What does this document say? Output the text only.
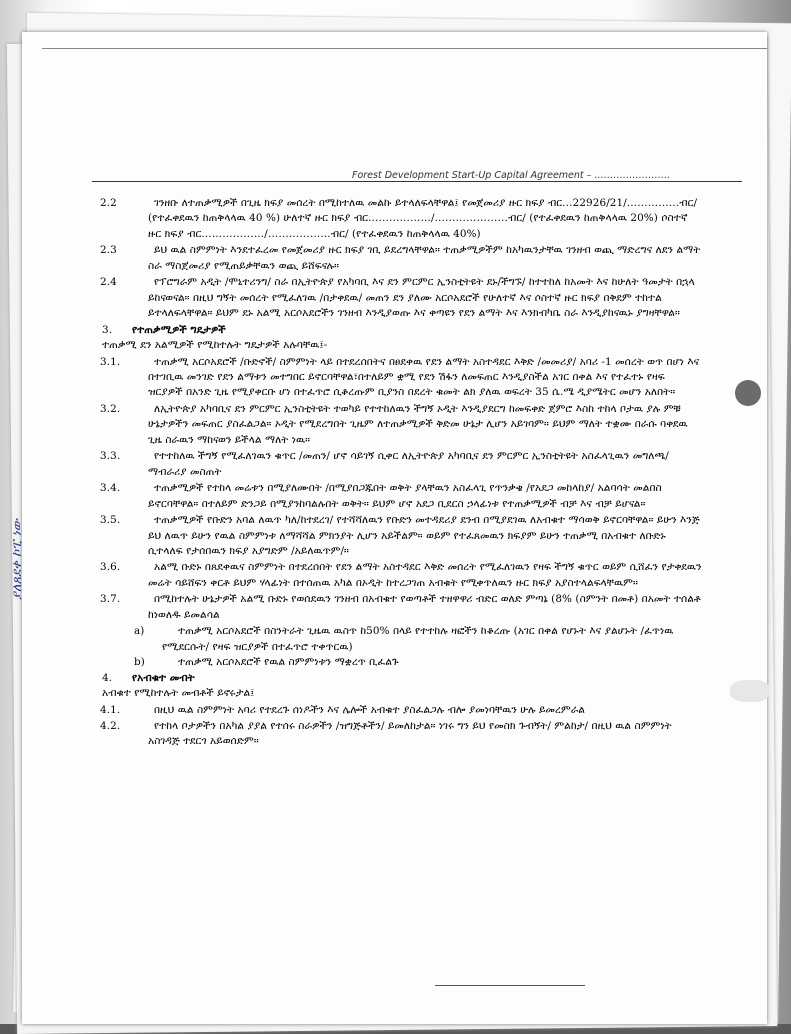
Forest Development Start-Up Capital Agreement – ……………………
ያለጸደቀ ኮፒ ነው

2.2	ገንዘቡ ለተጠቃሚዎች በጊዜ ክፍያ መሰረት በሚከተለዉ መልኩ ይተላለፍላቸዋል፤ የመጀመሪያ ዙር ክፍያ ብር…22926/21/……………ብር/ (የተፈቀደዉን ከጠቅላላዉ 40 %) ሁለተኛ ዙር ክፍያ ብር………………/…………………ብር/ (የተፈቀደዉን ከጠቅላላዉ 20%) ሶስተኛ ዙር ክፍያ ብር………………/………………ብር/ (የተፈቀደዉን ከጠቅላላዉ 40%)

2.3	ይህ ዉል ስምምነት እንደተፈረመ የመጀመሪያ ዙር ክፍያ ገቢ ይደረግላቸዋል። ተጠቃሚዎችም ከአካዉንታቸዉ ገንዘብ ወጪ ማድረግና ለደን ልማት ስራ ማስጀመሪያ የሚጠይቃቸዉን ወጪ ይሸፍናሉ።

2.4	የፕሮግራም አዲት /ሞኒተሪንግ/ ስራ በኢትዮጵያ የአካባቢ እና ደን ምርምር ኢንስቲትዩት ደኑ/ችግኙ/ ከተተከለ ከአመት እና ከሁለት ዓመታት በኋላ ይከናወናል። በዚህ ግኝት መሰረት የሚፈለገዉ /በታቀደዉ/ መጠን ደን ያለሙ አርሶአደሮች የሁለተኛ እና ሶስተኛ ዙር ክፍያ በቅደም ተከተል ይተላለፍላቸዋል። ይህም ደኑ አልሚ አርሶአደሮችን ገንዘብ እንዲያወጡ እና ቀጣዩን የደን ልማት እና እንክብካቤ ስራ እንዲያከናዉኑ ያግዛቸዋል።

3. የተጠቃሚዎች ግዴታዎች

ተጠቃሚ ደን አልሚዎች የሚከተሉት ግዴታዎች አሉባቸዉ፤-

3.1.	ተጠቃሚ አርሶአደሮች /ቡድኖች/ ስምምነት ላይ በተደረሰበትና በፀደቀዉ የደን ልማት አስተዳደር እቅድ /መመሪያ/ አባሪ -1 መሰረት ወጥ በሆነ እና በተገቢዉ መንገድ የደን ልማቱን መተግበር ይኖርባቸዋል፣በተለይም ቋሚ የደን ሽፋን ለመፍጠር እንዲያስችል አገር በቀል እና የተፈተኑ የዛፍ ዝርያዎች በአንድ ጊዜ የሚያቀርቡ ሆነ በተፈጥሮ ሲቆረጡም ቢያንስ በደረት ቁመት ልክ ያለዉ ወፍረት 35 ሴ.ሜ ዲያሜትር መሆን አለበት።

3.2.	ለኢትዮጵያ አካባቢና ደን ምርምር ኢንስቲትዩት ተወካይ የተተከለዉን ችግኝ ኦዲት እንዲያደርግ ከመፍቀድ ጀምሮ እስከ ተከላ ቦታዉ ያሉ ምቹ ሁኔታዎችን መፍጠር ያስፈልጋል። ኦዲት የሚደረግበት ጊዜም ለተጠቃሚዎች ቅድመ ሁኔታ ሊሆን አይገባም። ይህም ማለት ተቋሙ በራሱ ባቀደዉ ጊዜ ስራዉን ማከናወን ይችላል ማለት ነዉ።

3.3.	የተተከለዉ ችግኝ የሚፈለገዉን ቁጥር /መጠን/ ሆኖ ሳይገኝ ሲቀር ለኢትዮጵያ አካባቢና ደን ምርምር ኢንስቲትዩት አስፈላጊዉን መግለጫ/ማብራሪያ መስጠት

3.4.	ተጠቃሚዎች የተከላ መሬቱን በሚያለሙበት /በሚያበጋጁበት ወቅት ያላቸዉን አስፈላጊ የጥንቃቄ /የአደጋ መከላከያ/ አልባሳት መልበስ ይኖርባቸዋል። በተለይም ድንጋይ በሚያንከባልሉበት ወቅት። ይህም ሆኖ አደጋ ቢደርስ ኃላፊነቱ የተጠቃሚዎች ብቻ እና ብቻ ይሆናል።

3.5.	ተጠቃሚዎች የቡድን አባል ለዉጥ ካለ/ከተደረገ/ የተሻሻለዉን የቡድን መተዳደሪያ ደንብ በሚያደገዉ ለአብቁተ ማሳወቅ ይኖርባቸዋል። ይሁን እንጅ ይህ ለዉጥ ይሁን የዉል ስምምነቱ ለማሻሻል ምክንያት ሊሆን አይችልም። ወይም የተፈጸመዉን ክፍያም ይሁን ተጠቃሚ በአብቁተ ለቡድኑ ሲተላለፍ የታሰበዉን ክፍያ አያግድም /አይለዉጥም/።

3.6.	አልሚ ቡድኑ በጸደቀዉና ስምምነት በተደረሰበት የደን ልማት አስተዳደር እቅድ መሰረት የሚፈለገዉን የዛፍ ችግኝ ቁጥር ወይም ሲሸፈን የታቀደዉን መሬት ሳይሸፍን ቀርቶ ይህም ሃላፊነት በተሰጠዉ አካል በኦዲት ከተረጋገጠ አብቁት የሚቀጥለዉን ዙር ክፍያ አያስተላልፍላቸዉም።

3.7.	በሚከተሉት ሁኔታዎች አልሚ ቡድኑ የወሰደዉን ገንዘብ በአብቁተ የወጣቶች ተዘዋዋሪ ብድር ወለድ ምጣኔ (8% (ስምንት በመቶ) በአመት ተሰልቶ ከነወለዱ ይመልሳል

a)	ተጠቃሚ አርሶአደሮች በስንትራት ጊዜዉ ዉስጥ ከ50% በላይ የተተከሉ ዛፎችን ከቆረጡ (አገር በቀል የሆኑት እና ያልሆኑት /ፈጥነዉ የሚደርሱት/ የዛፍ ዝርያዎች በተፈጥሮ ተቀጥርዉ)

b)	ተጠቃሚ አርሶአደሮች የዉል ስምምነቱን ማቋረጥ ቢፈልጉ

4. የአብቁተ መብት

አብቁተ የሚከተሉት መብቶች ይኖሩታል፤

4.1.	በዚህ ዉል ስምምነት አባሪ የተደረጉ ሰነዶችን እና ሌሎች አብቁተ ያስፈልጋሉ ብሎ ያመነባቸዉን ሁሉ ይመረምራል

4.2.	የተከላ ቦታዎችን በአካል ያያል የተሰሩ ስራዎችን /ዝግጅቶችን/ ይመለከታል። ነገሩ ግን ይህ የመስክ ጉብኝት/ ምልከታ/ በዚህ ዉል ስምምነት አስገዳጅ ተደርጎ አይወሰድም።
